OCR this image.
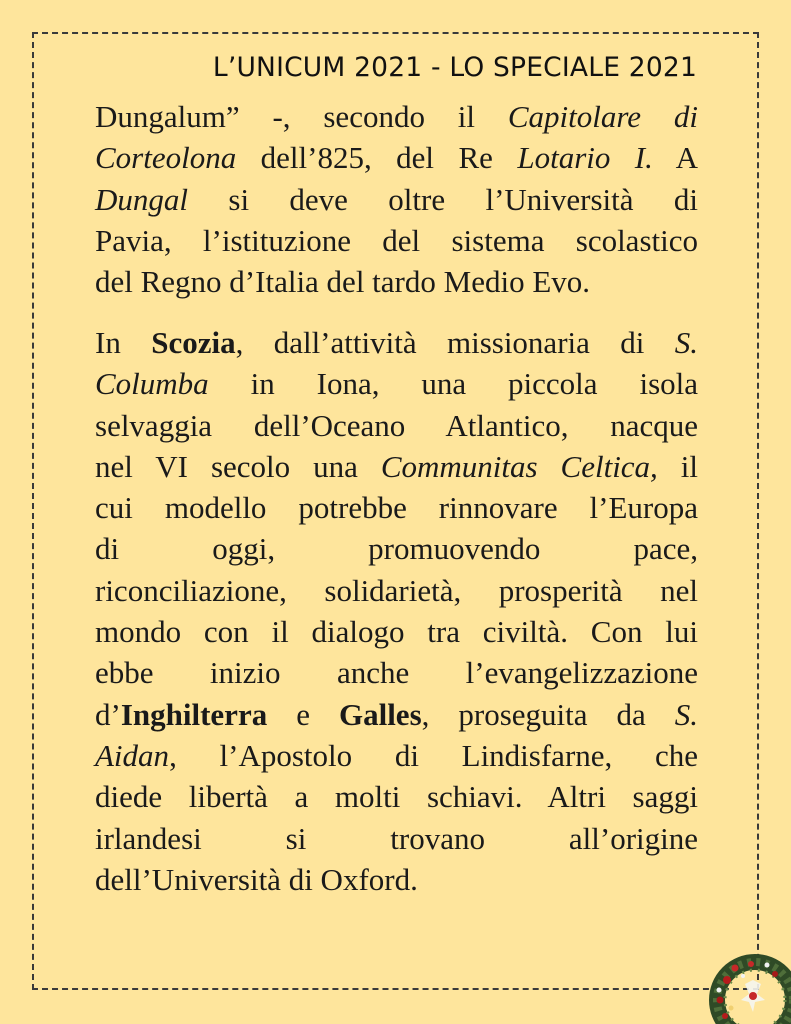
L’UNICUM 2021 - LO SPECIALE 2021
Dungalum” -, secondo il Capitolare di
Corteolona dell’825, del Re Lotario I. A
Dungal si deve oltre l’Università di
Pavia, l’istituzione del sistema scolastico
del Regno d’Italia del tardo Medio Evo.
In Scozia, dall’attività missionaria di S.
Columba in Iona, una piccola isola
selvaggia dell’Oceano Atlantico, nacque
nel VI secolo una Communitas Celtica, il
cui modello potrebbe rinnovare l’Europa
di oggi, promuovendo pace,
riconciliazione, solidarietà, prosperità nel
mondo con il dialogo tra civiltà. Con lui
ebbe inizio anche l’evangelizzazione
d’Inghilterra e Galles, proseguita da S.
Aidan, l’Apostolo di Lindisfarne, che
diede libertà a molti schiavi. Altri saggi
irlandesi si trovano all’origine
dell’Università di Oxford.
